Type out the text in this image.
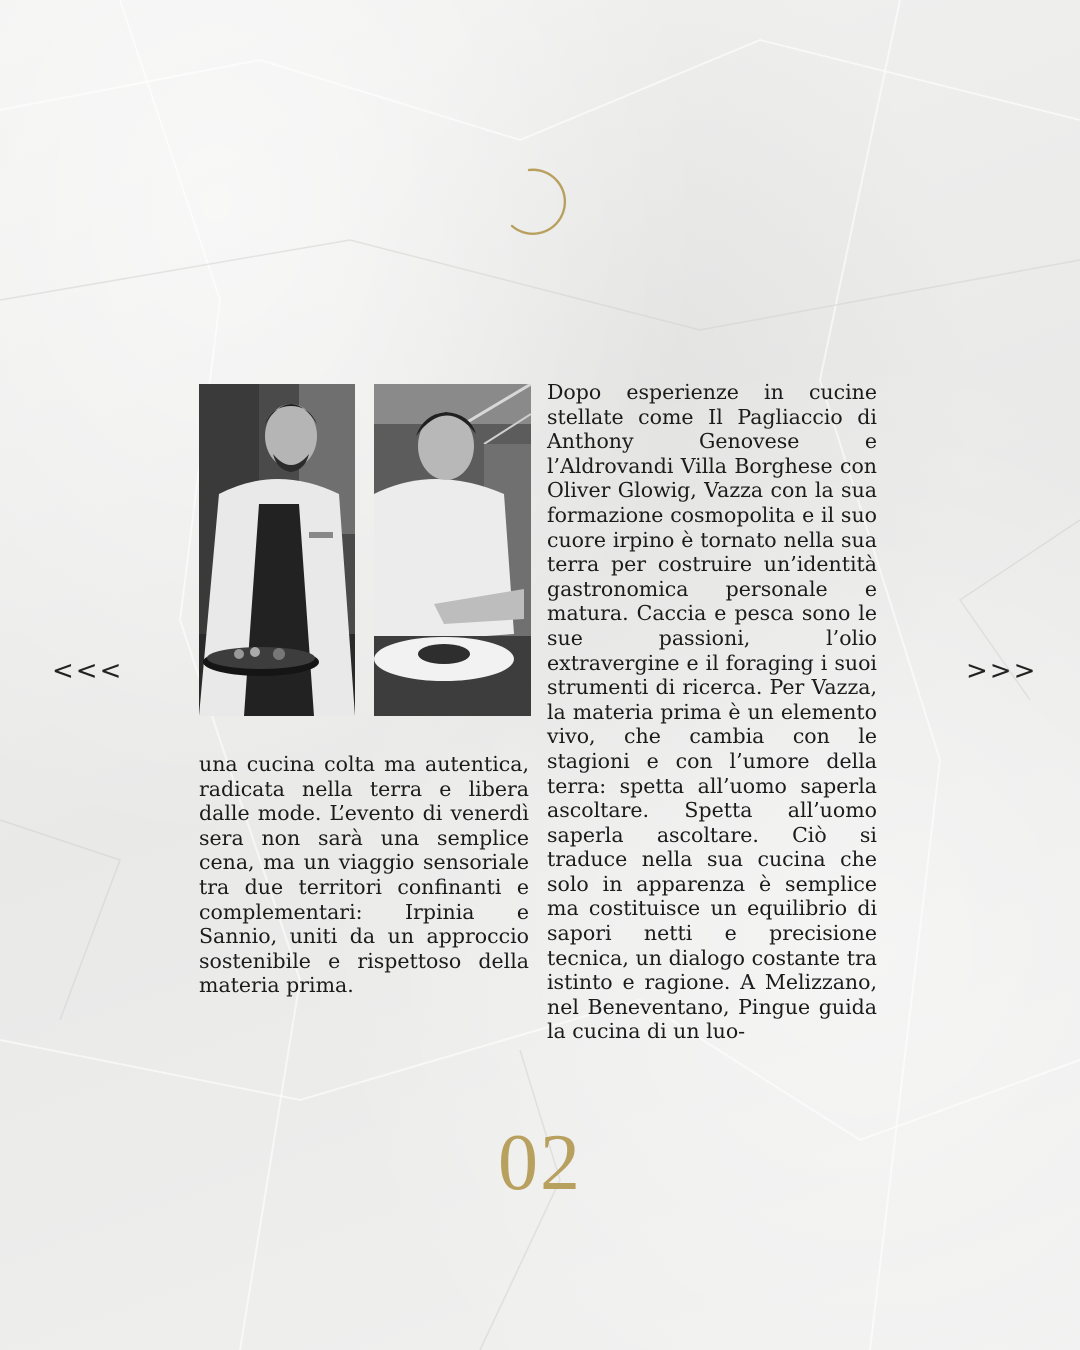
<<<	>>>
una cucina colta ma autentica, radicata nella terra e libera dalle mode. L’evento di venerdì sera non sarà una semplice cena, ma un viaggio sensoriale tra due territori confinanti e complementari: Irpinia e Sannio, uniti da un approccio sostenibile e rispettoso della materia prima.
Dopo esperienze in cucine stellate come Il Pagliaccio di Anthony Genovese e l’Aldrovandi Villa Borghese con Oliver Glowig, Vazza con la sua formazione cosmopolita e il suo cuore irpino è tornato nella sua terra per costruire un’identità gastronomica personale e matura. Caccia e pesca sono le sue passioni, l’olio extravergine e il foraging i suoi strumenti di ricerca. Per Vazza, la materia prima è un elemento vivo, che cambia con le stagioni e con l’umore della terra: spetta all’uomo saperla ascoltare. Spetta all’uomo saperla ascoltare. Ciò si traduce nella sua cucina che solo in apparenza è semplice ma costituisce un equilibrio di sapori netti e precisione tecnica, un dialogo costante tra istinto e ragione. A Melizzano, nel Beneventano, Pingue guida la cucina di un luo-
02
